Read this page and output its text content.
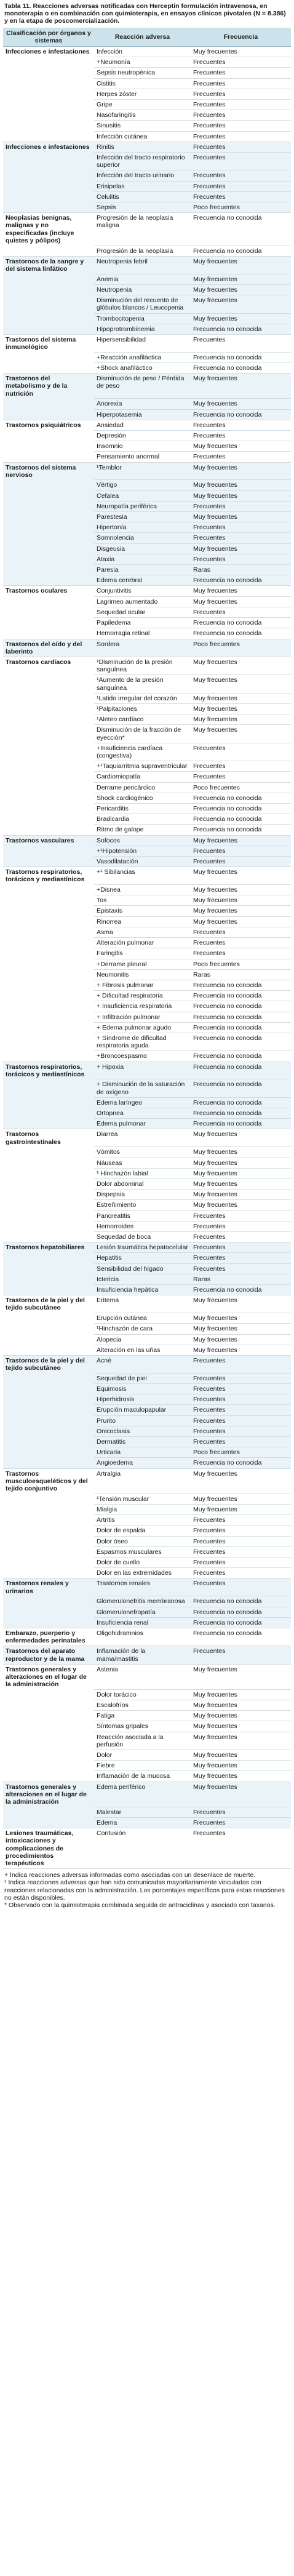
Tabla 11. Reacciones adversas notificadas con Herceptin formulación intravenosa, en monoterapia o en combinación con quimioterapia, en ensayos clínicos pivotales (N = 8.386) y en la etapa de poscomercialización.
Clasificación por órganos y sistemas	Reacción adversa	Frecuencia
Infecciones e infestaciones	Infección	Muy frecuentes
	+Neumonía	Frecuentes
	Sepsis neutropénica	Frecuentes
	Cistitis	Frecuentes
	Herpes zóster	Frecuentes
	Gripe	Frecuentes
	Nasofaringitis	Frecuentes
	Sinusitis	Frecuentes
	Infección cutánea	Frecuentes
Infecciones e infestaciones	Rinitis	Frecuentes
	Infección del tracto respiratorio superior	Frecuentes
	Infección del tracto urinario	Frecuentes
	Erisipelas	Frecuentes
	Celulitis	Frecuentes
	Sepsis	Poco frecuentes
Neoplasias benignas, malignas y no especificadas (incluye quistes y pólipos)	Progresión de la neoplasia maligna	Frecuencia no conocida
	Progresión de la neoplasia	Frecuencia no conocida
Trastornos de la sangre y del sistema linfático	Neutropenia febril	Muy frecuentes
	Anemia	Muy frecuentes
	Neutropenia	Muy frecuentes
	Disminución del recuento de glóbulos blancos / Leucopenia	Muy frecuentes
	Trombocitopenia	Muy frecuentes
	Hipoprotrombinemia	Frecuencia no conocida
Trastornos del sistema inmunológico	Hipersensibilidad	Frecuentes
	+Reacción anafiláctica	Frecuencia no conocida
	+Shock anafiláctico	Frecuencia no conocida
Trastornos del metabolismo y de la nutrición	Disminución de peso / Pérdida de peso	Muy frecuentes
	Anorexia	Muy frecuentes
	Hiperpotasemia	Frecuencia no conocida
Trastornos psiquiátricos	Ansiedad	Frecuentes
	Depresión	Frecuentes
	Insomnio	Muy frecuentes
	Pensamiento anormal	Frecuentes
Trastornos del sistema nervioso	¹Temblor	Muy frecuentes
	Vértigo	Muy frecuentes
	Cefalea	Muy frecuentes
	Neuropatía periférica	Frecuentes
	Parestesia	Muy frecuentes
	Hipertonía	Frecuentes
	Somnolencia	Frecuentes
	Disgeusia	Muy frecuentes
	Ataxia	Frecuentes
	Paresia	Raras
	Edema cerebral	Frecuencia no conocida
Trastornos oculares	Conjuntivitis	Muy frecuentes
	Lagrimeo aumentado	Muy frecuentes
	Sequedad ocular	Frecuentes
	Papiledema	Frecuencia no conocida
	Hemorragia retinal	Frecuencia no conocida
Trastornos del oído y del laberinto	Sordera	Poco frecuentes
Trastornos cardíacos	¹Disminución de la presión sanguínea	Muy frecuentes
	¹Aumento de la presión sanguínea	Muy frecuentes
	¹Latido irregular del corazón	Muy frecuentes
	¹Palpitaciones	Muy frecuentes
	¹Aleteo cardíaco	Muy frecuentes
	Disminución de la fracción de eyección*	Muy frecuentes
	+Insuficiencia cardíaca (congestiva)	Frecuentes
	+¹Taquiarritmia supraventricular	Frecuentes
	Cardiomiopatía	Frecuentes
	Derrame pericárdico	Poco frecuentes
	Shock cardiogénico	Frecuencia no conocida
	Pericarditis	Frecuencia no conocida
	Bradicardia	Frecuencia no conocida
	Ritmo de galope	Frecuencia no conocida
Trastornos vasculares	Sofocos	Muy frecuentes
	+¹Hipotensión	Frecuentes
	Vasodilatación	Frecuentes
Trastornos respiratorios, torácicos y mediastínicos	+¹ Sibilancias	Muy frecuentes
	+Disnea	Muy frecuentes
	Tos	Muy frecuentes
	Epistaxis	Muy frecuentes
	Rinorrea	Muy frecuentes
	Asma	Frecuentes
	Alteración pulmonar	Frecuentes
	Faringitis	Frecuentes
	+Derrame pleural	Poco frecuentes
	Neumonitis	Raras
	+ Fibrosis pulmonar	Frecuencia no conocida
	+ Dificultad respiratoria	Frecuencia no conocida
	+ Insuficiencia respiratoria	Frecuencia no conocida
	+ Infiltración pulmonar	Frecuencia no conocida
	+ Edema pulmonar agudo	Frecuencia no conocida
	+ Síndrome de dificultad respiratoria aguda	Frecuencia no conocida
	+Broncoespasmo	Frecuencia no conocida
Trastornos respiratorios, torácicos y mediastínicos	+ Hipoxia	Frecuencia no conocida
	+ Disminución de la saturación de oxígeno	Frecuencia no conocida
	Edema laríngeo	Frecuencia no conocida
	Ortopnea	Frecuencia no conocida
	Edema pulmonar	Frecuencia no conocida
Trastornos gastrointestinales	Diarrea	Muy frecuentes
	Vómitos	Muy frecuentes
	Náuseas	Muy frecuentes
	¹ Hinchazón labial	Muy frecuentes
	Dolor abdominal	Muy frecuentes
	Dispepsia	Muy frecuentes
	Estreñimiento	Muy frecuentes
	Pancreatitis	Frecuentes
	Hemorroides	Frecuentes
	Sequedad de boca	Frecuentes
Trastornos hepatobiliares	Lesión traumática hepatocelular	Frecuentes
	Hepatitis	Frecuentes
	Sensibilidad del hígado	Frecuentes
	Ictericia	Raras
	Insuficiencia hepática	Frecuencia no conocida
Trastornos de la piel y del tejido subcutáneo	Eritema	Muy frecuentes
	Erupción cutánea	Muy frecuentes
	¹Hinchazón de cara	Muy frecuentes
	Alopecia	Muy frecuentes
	Alteración en las uñas	Muy frecuentes
Trastornos de la piel y del tejido subcutáneo	Acné	Frecuentes
	Sequedad de piel	Frecuentes
	Equimosis	Frecuentes
	Hiperhidrosis	Frecuentes
	Erupción maculopapular	Frecuentes
	Prurito	Frecuentes
	Onicoclasia	Frecuentes
	Dermatitis	Frecuentes
	Urticaria	Poco frecuentes
	Angioedema	Frecuencia no conocida
Trastornos musculoesqueléticos y del tejido conjuntivo	Artralgia	Muy frecuentes
	¹Tensión muscular	Muy frecuentes
	Mialgia	Muy frecuentes
	Artritis	Frecuentes
	Dolor de espalda	Frecuentes
	Dolor óseo	Frecuentes
	Espasmos musculares	Frecuentes
	Dolor de cuello	Frecuentes
	Dolor en las extremidades	Frecuentes
Trastornos renales y urinarios	Trastornos renales	Frecuentes
	Glomerulonefritis membranosa	Frecuencia no conocida
	Glomerulonefropatía	Frecuencia no conocida
	Insuficiencia renal	Frecuencia no conocida
Embarazo, puerperio y enfermedades perinatales	Oligohidramnios	Frecuencia no conocida
Trastornos del aparato reproductor y de la mama	Inflamación de la mama/mastitis	Frecuentes
Trastornos generales y alteraciones en el lugar de la administración	Astenia	Muy frecuentes
	Dolor torácico	Muy frecuentes
	Escalofríos	Muy frecuentes
	Fatiga	Muy frecuentes
	Síntomas gripales	Muy frecuentes
	Reacción asociada a la perfusión	Muy frecuentes
	Dolor	Muy frecuentes
	Fiebre	Muy frecuentes
	Inflamación de la mucosa	Muy frecuentes
Trastornos generales y alteraciones en el lugar de la administración	Edema periférico	Muy frecuentes
	Malestar	Frecuentes
	Edema	Frecuentes
Lesiones traumáticas, intoxicaciones y complicaciones de procedimientos terapéuticos	Contusión	Frecuentes
+ Indica reacciones adversas informadas como asociadas con un desenlace de muerte.
¹ Indica reacciones adversas que han sido comunicadas mayoritariamente vinculadas con reacciones relacionadas con la administración. Los porcentajes específicos para estas reacciones no están disponibles.
* Observado con la quimioterapia combinada seguida de antraciclinas y asociado con taxanos.
